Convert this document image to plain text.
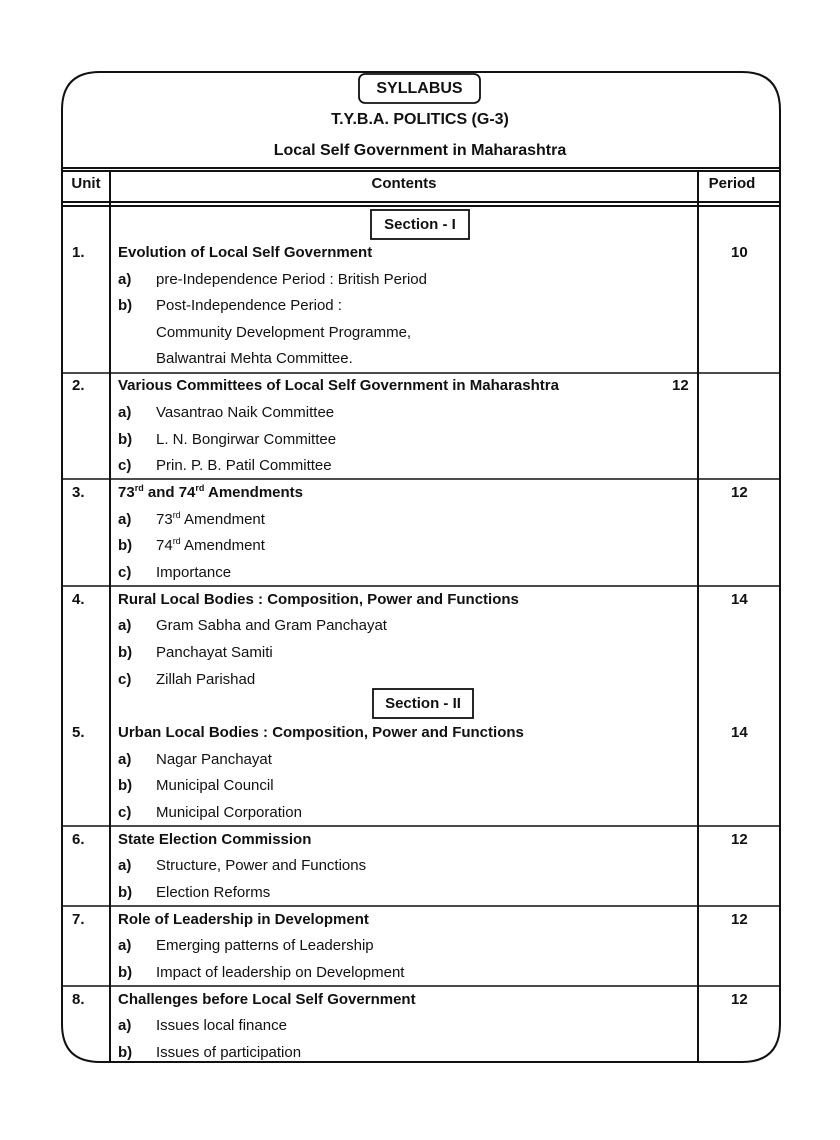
SYLLABUS
T.Y.B.A. POLITICS (G-3)
Local Self Government in Maharashtra
Unit	Contents	Period
Section - I
Section - II
1. Evolution of Local Self Government	10
a) pre-Independence Period : British Period
b) Post-Independence Period :
Community Development Programme,
Balwantrai Mehta Committee.
2. Various Committees of Local Self Government in Maharashtra	12
a) Vasantrao Naik Committee
b) L. N. Bongirwar Committee
c) Prin. P. B. Patil Committee
3. 73rd and 74rd Amendments	12
a) 73rd Amendment
b) 74rd Amendment
c) Importance
4. Rural Local Bodies : Composition, Power and Functions	14
a) Gram Sabha and Gram Panchayat
b) Panchayat Samiti
c) Zillah Parishad
5. Urban Local Bodies : Composition, Power and Functions	14
a) Nagar Panchayat
b) Municipal Council
c) Municipal Corporation
6. State Election Commission	12
a) Structure, Power and Functions
b) Election Reforms
7. Role of Leadership in Development	12
a) Emerging patterns of Leadership
b) Impact of leadership on Development
8. Challenges before Local Self Government	12
a) Issues local finance
b) Issues of participation
